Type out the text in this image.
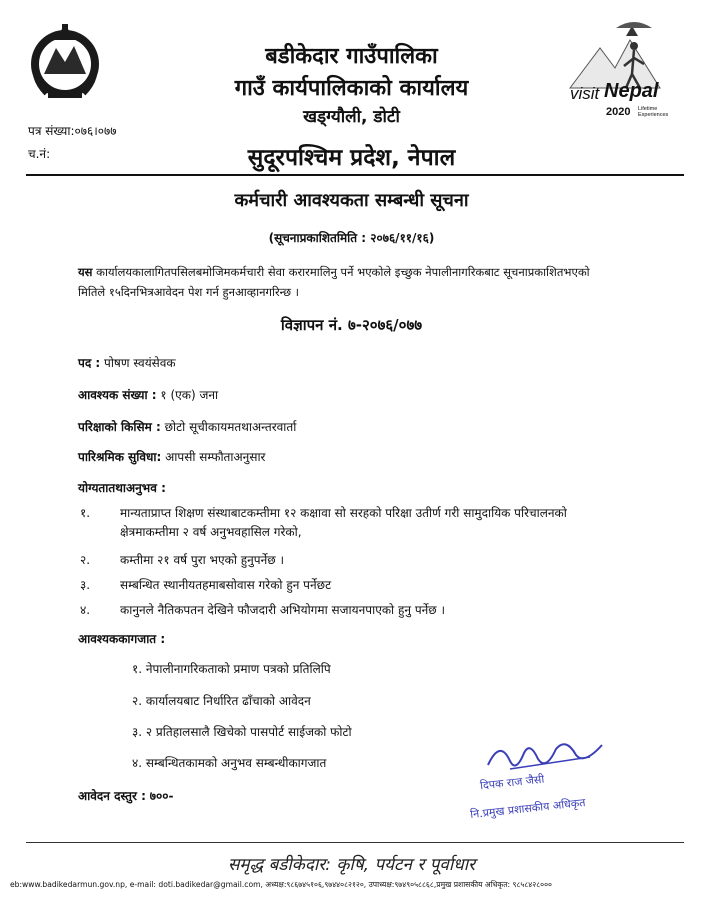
visit Nepal
2020 Lifetime Experiences
बडीकेदार गाउँपालिका
गाउँ कार्यपालिकाको कार्यालय
खड्ग्यौली, डोटी
सुदूरपश्चिम प्रदेश, नेपाल
पत्र संख्या:०७६।०७७
च.नं:
कर्मचारी आवश्यकता सम्बन्धी सूचना
(सूचनाप्रकाशितमिति : २०७६/११/१६)
यस कार्यालयकालागितपसिलबमोजिमकर्मचारी सेवा करारमालिनु पर्ने भएकोले इच्छुक नेपालीनागरिकबाट सूचनाप्रकाशितभएको मितिले १५दिनभित्रआवेदन पेश गर्न हुनआव्हानगरिन्छ ।
विज्ञापन नं. ७-२०७६/०७७
पद : पोषण स्वयंसेवक
आवश्यक संख्या : १ (एक) जना
परिक्षाको किसिम : छोटो सूचीकायमतथाअन्तरवार्ता
पारिश्रमिक सुविधा: आपसी सम्फौताअनुसार
योग्यतातथाअनुभव :
१. मान्यताप्राप्त शिक्षण संस्थाबाटकम्तीमा १२ कक्षावा सो सरहको परिक्षा उतीर्ण गरी सामुदायिक परिचालनको क्षेत्रमाकम्तीमा २ वर्ष अनुभवहासिल गरेको,
२. कम्तीमा २१ वर्ष पुरा भएको हुनुपर्नेछ ।
३. सम्बन्धित स्थानीयतहमाबसोवास गरेको हुन पर्नेछट
४. कानुनले नैतिकपतन देखिने फौजदारी अभियोगमा सजायनपाएको हुनु पर्नेछ ।
आवश्यककागजात :
१. नेपालीनागरिकताको प्रमाण पत्रको प्रतिलिपि
२. कार्यालयबाट निर्धारित ढाँचाको आवेदन
३. २ प्रतिहालसालै खिचेको पासपोर्ट साईजको फोटो
४. सम्बन्धितकामको अनुभव सम्बन्धीकागजात
आवेदन दस्तुर : ७००-
दिपक राज जैसी
नि.प्रमुख प्रशासकीय अधिकृत
समृद्ध बडीकेदार: कृषि, पर्यटन र पूर्वाधार
eb:www.badikedarmun.gov.np, e-mail: doti.badikedar@gmail.com, अध्यक्ष:९८६७४५१०६,९७४४०८२१२०, उपाध्यक्ष:९७४९०५८८६८,प्रमुख प्रशासकीय अधिकृत: ९८५८४२८०००
